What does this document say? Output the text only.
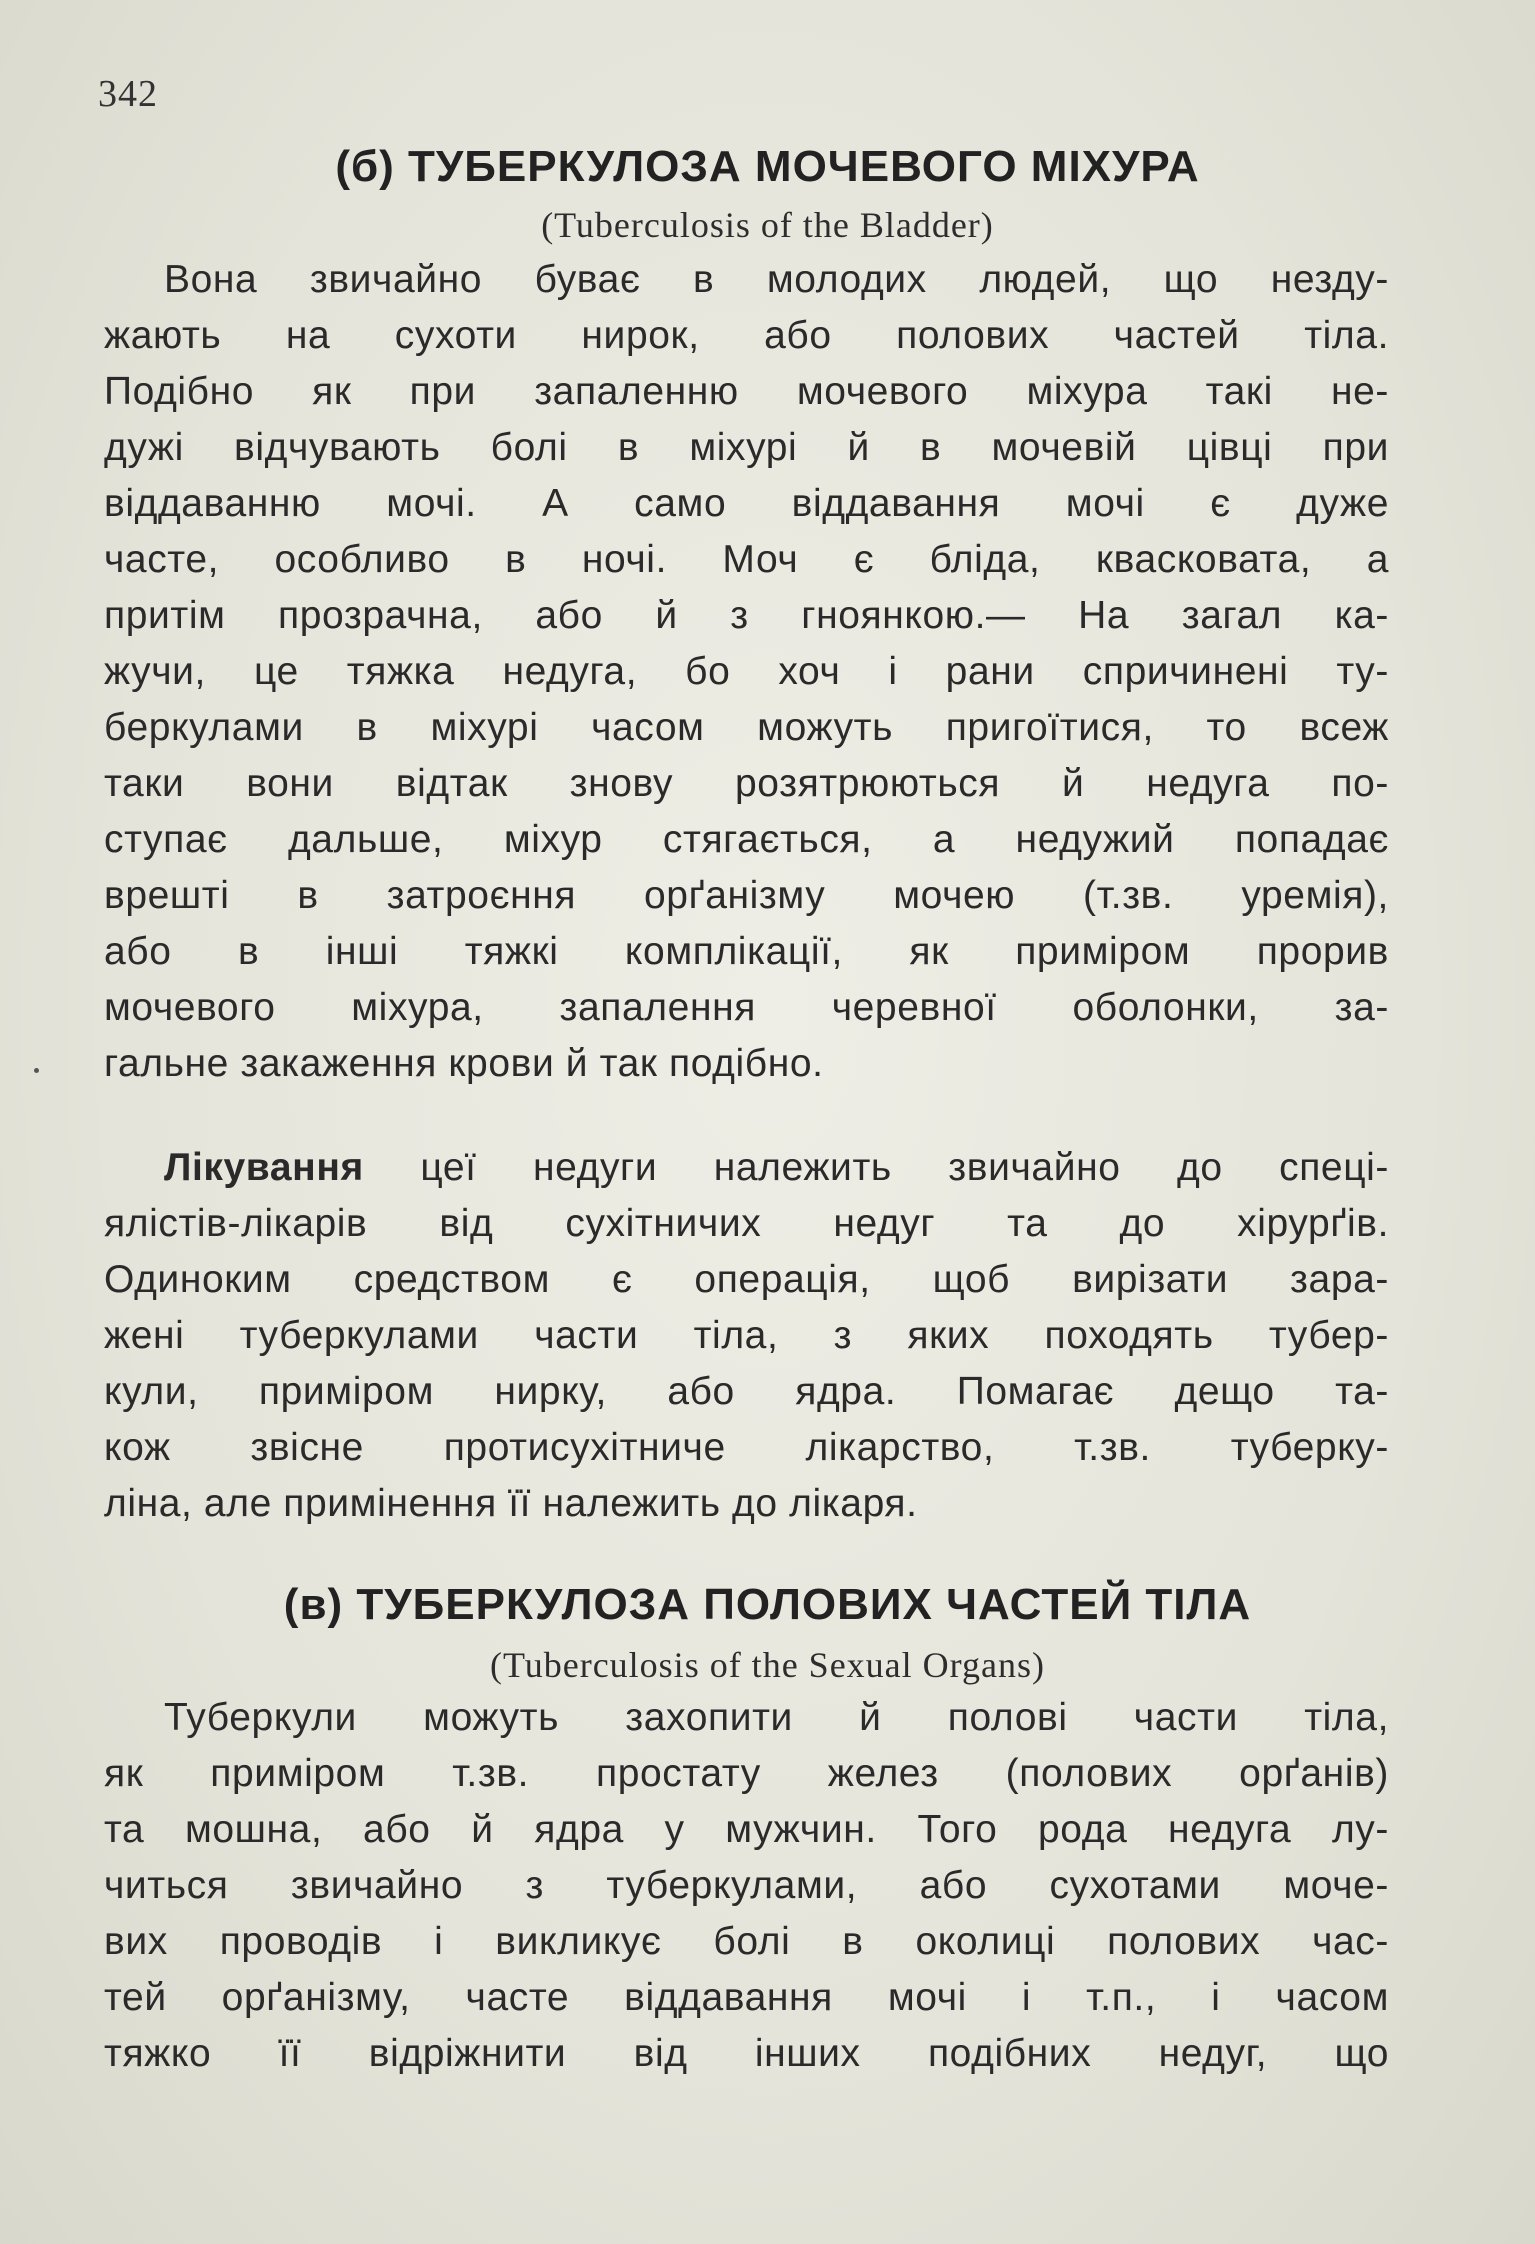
342
(б) ТУБЕРКУЛОЗА МОЧЕВОГО МІХУРА
(Tuberculosis of the Bladder)
Вона звичайно буває в молодих людей, що незду-
жають на сухоти нирок, або полових частей тіла.
Подібно як при запаленню мочевого міхура такі не-
дужі відчувають болі в міхурі й в мочевій цівці при
віддаванню мочі. А само віддавання мочі є дуже
часте, особливо в ночі. Моч є бліда, квасковата, а
притім прозрачна, або й з гноянкою.— На загал ка-
жучи, це тяжка недуга, бо хоч і рани спричинені ту-
беркулами в міхурі часом можуть пригоїтися, то всеж
таки вони відтак знову розятрюються й недуга по-
ступає дальше, міхур стягається, а недужий попадає
врешті в затроєння орґанізму мочею (т.зв. уремія),
або в інші тяжкі комплікації, як приміром прорив
мочевого міхура, запалення черевної оболонки, за-
гальне закаження крови й так подібно.
Лікування цеї недуги належить звичайно до спеці-
ялістів-лікарів від сухітничих недуг та до хірурґів.
Одиноким средством є операція, щоб вирізати зара-
жені туберкулами части тіла, з яких походять тубер-
кули, приміром нирку, або ядра. Помагає дещо та-
кож звісне протисухітниче лікарство, т.зв. туберку-
ліна, але примінення її належить до лікаря.
(в) ТУБЕРКУЛОЗА ПОЛОВИХ ЧАСТЕЙ ТІЛА
(Tuberculosis of the Sexual Organs)
Туберкули можуть захопити й полові части тіла,
як приміром т.зв. простату желез (полових орґанів)
та мошна, або й ядра у мужчин. Того рода недуга лу-
читься звичайно з туберкулами, або сухотами моче-
вих проводів і викликує болі в околиці полових час-
тей орґанізму, часте віддавання мочі і т.п., і часом
тяжко її відріжнити від інших подібних недуг, що
